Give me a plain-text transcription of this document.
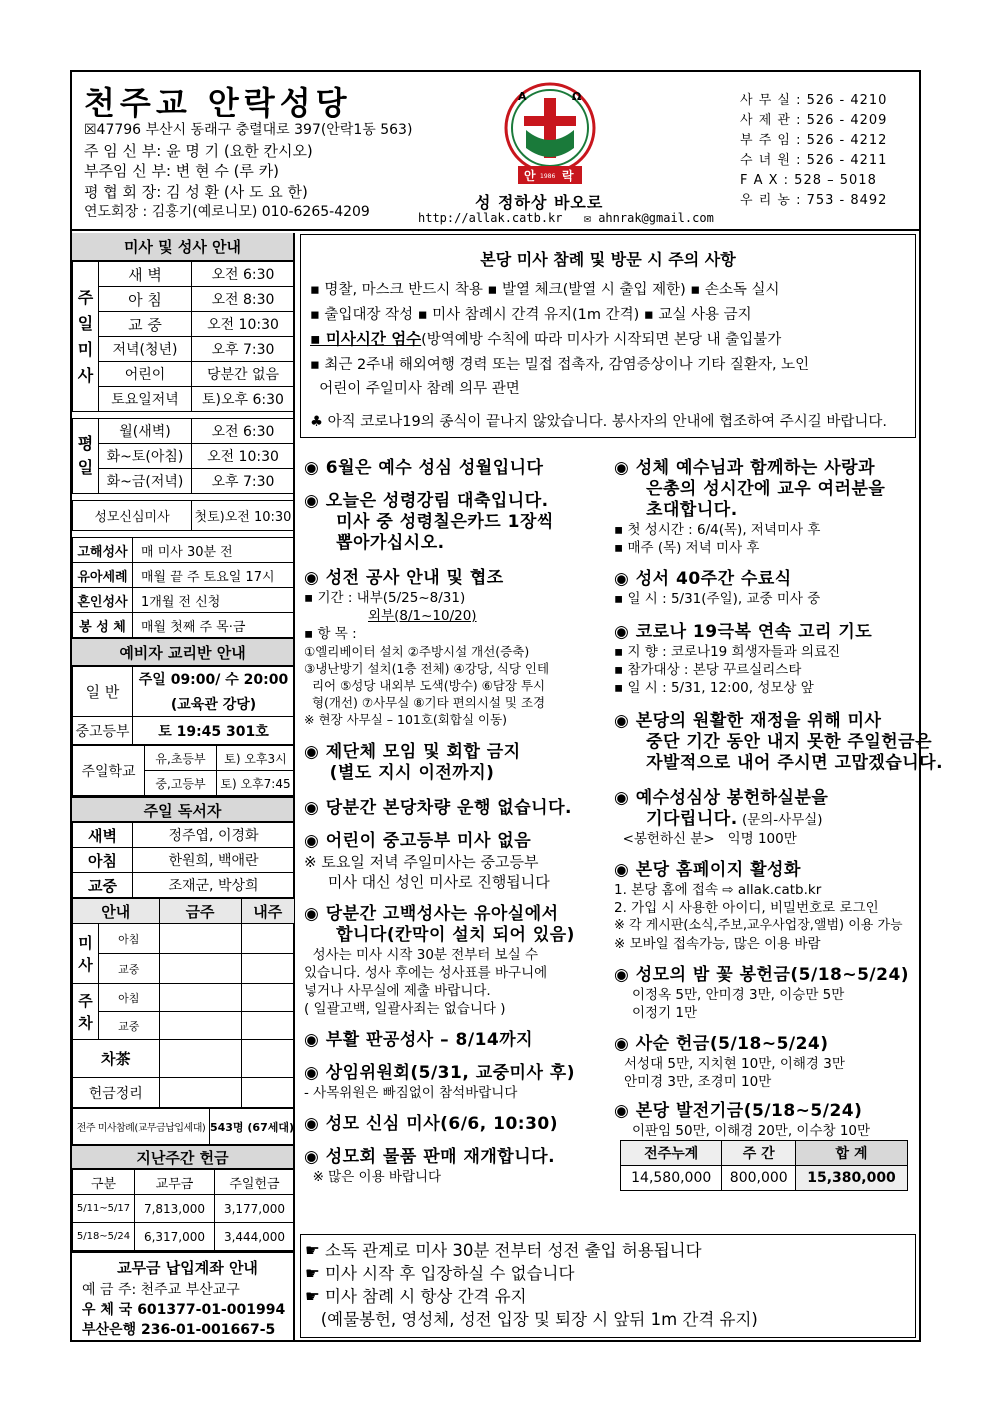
천주교 안락성당
☒47796 부산시 동래구 충렬대로 397(안락1동 563)
주 임 신 부: 윤 명 기 (요한 칸시오)
부주임 신 부: 변 현 수 (루 카)
평 협 회 장: 김 성 환 (사 도 요 한)
연도회장 : 김홍기(예로니모) 010-6265-4209
Α	Ω
안 1986 락
성 정하상 바오로
http://allak.catb.kr ✉ ahnrak@gmail.com
사 무 실 : 526 - 4210
사 제 관 : 526 - 4209
부 주 임 : 526 - 4212
수 녀 원 : 526 - 4211
F A X : 528 – 5018
우 리 농 : 753 - 8492
미사 및 성사 안내
주일미사	새 벽	오전 6:30
	아 침	오전 8:30
	교 중	오전 10:30
	저녁(청년)	오후 7:30
	어린이	당분간 없음
	토요일저녁	토)오후 6:30
평일	월(새벽)	오전 6:30
	화~토(아침)	오전 10:30
	화~금(저녁)	오후 7:30
성모신심미사	첫토)오전 10:30
고해성사	매 미사 30분 전
유아세례	매월 끝 주 토요일 17시
혼인성사	1개월 전 신청
봉 성 체	매월 첫째 주 목·금
예비자 교리반 안내
일 반	주일 09:00/ 수 20:00
	(교육관 강당)
중고등부	토 19:45 301호
주일학교	유,초등부	토) 오후3시
	중,고등부	토) 오후7:45
주일 독서자
새벽	정주엽, 이경화
아침	한원희, 백애란
교중	조재군, 박상희
안내		금주	내주
미사	아침		
	교중		
주차	아침		
	교중		
차茶			
헌금정리			
전주 미사참례(교무금납입세대)	543명 (67세대)
지난주간 헌금
구분	교무금	주일헌금
5/11~5/17	7,813,000	3,177,000
5/18~5/24	6,317,000	3,444,000
교무금 납입계좌 안내
예 금 주: 천주교 부산교구
우 체 국 601377-01-001994
부산은행 236-01-001667-5
본당 미사 참례 및 방문 시 주의 사항
▪ 명찰, 마스크 반드시 착용 ▪ 발열 체크(발열 시 출입 제한) ▪ 손소독 실시
▪ 출입대장 작성 ▪ 미사 참례시 간격 유지(1m 간격) ▪ 교실 사용 금지
▪ 미사시간 엄수(방역예방 수칙에 따라 미사가 시작되면 본당 내 출입불가
▪ 최근 2주내 해외여행 경력 또는 밀접 접촉자, 감염증상이나 기타 질환자, 노인
어린이 주일미사 참례 의무 관면
♣ 아직 코로나19의 종식이 끝나지 않았습니다. 봉사자의 안내에 협조하여 주시길 바랍니다.
◉ 6월은 예수 성심 성월입니다
◉ 오늘은 성령강림 대축입니다.
미사 중 성령칠은카드 1장씩
뽑아가십시오.
◉ 성전 공사 안내 및 협조
▪ 기간 : 내부(5/25~8/31)
외부(8/1~10/20)
▪ 항 목 :
①엘리베이터 설치 ②주방시설 개선(증축)
③냉난방기 설치(1층 전체) ④강당, 식당 인테
리어 ⑤성당 내외부 도색(방수) ⑥담장 투시
형(개선) ⑦사무실 ⑧기타 편의시설 및 조경
※ 현장 사무실 – 101호(회합실 이동)
◉ 제단체 모임 및 회합 금지
(별도 지시 이전까지)
◉ 당분간 본당차량 운행 없습니다.
◉ 어린이 중고등부 미사 없음
※ 토요일 저녁 주일미사는 중고등부
미사 대신 성인 미사로 진행됩니다
◉ 당분간 고백성사는 유아실에서
합니다(칸막이 설치 되어 있음)
성사는 미사 시작 30분 전부터 보실 수
있습니다. 성사 후에는 성사표를 바구니에
넣거나 사무실에 제출 바랍니다.
( 일괄고백, 일괄사죄는 없습니다 )
◉ 부활 판공성사 – 8/14까지
◉ 상임위원회(5/31, 교중미사 후)
- 사목위원은 빠짐없이 참석바랍니다
◉ 성모 신심 미사(6/6, 10:30)
◉ 성모회 물품 판매 재개합니다.
※ 많은 이용 바랍니다
◉ 성체 예수님과 함께하는 사랑과
은총의 성시간에 교우 여러분을
초대합니다.
▪ 첫 성시간 : 6/4(목), 저녁미사 후
▪ 매주 (목) 저녁 미사 후
◉ 성서 40주간 수료식
▪ 일 시 : 5/31(주일), 교중 미사 중
◉ 코로나 19극복 연속 고리 기도
▪ 지 향 : 코로나19 희생자들과 의료진
▪ 참가대상 : 본당 꾸르실리스타
▪ 일 시 : 5/31, 12:00, 성모상 앞
◉ 본당의 원활한 재정을 위해 미사
중단 기간 동안 내지 못한 주일헌금은
자발적으로 내어 주시면 고맙겠습니다.
◉ 예수성심상 봉헌하실분을
기다립니다. (문의-사무실)
<봉헌하신 분>   익명 100만
◉ 본당 홈페이지 활성화
1. 본당 홈에 접속 ⇨ allak.catb.kr
2. 가입 시 사용한 아이디, 비밀번호로 로그인
※ 각 게시판(소식,주보,교우사업장,앨범) 이용 가능
※ 모바일 접속가능, 많은 이용 바람
◉ 성모의 밤 꽃 봉헌금(5/18~5/24)
이정옥 5만, 안미경 3만, 이승만 5만
이정기 1만
◉ 사순 헌금(5/18~5/24)
서성대 5만, 지치현 10만, 이해경 3만
안미경 3만, 조경미 10만
◉ 본당 발전기금(5/18~5/24)
이판임 50만, 이해경 20만, 이수창 10만
전주누계	주 간	합 계
14,580,000	800,000	15,380,000
☛ 소독 관계로 미사 30분 전부터 성전 출입 허용됩니다
☛ 미사 시작 후 입장하실 수 없습니다
☛ 미사 참례 시 항상 간격 유지
(예물봉헌, 영성체, 성전 입장 및 퇴장 시 앞뒤 1m 간격 유지)
